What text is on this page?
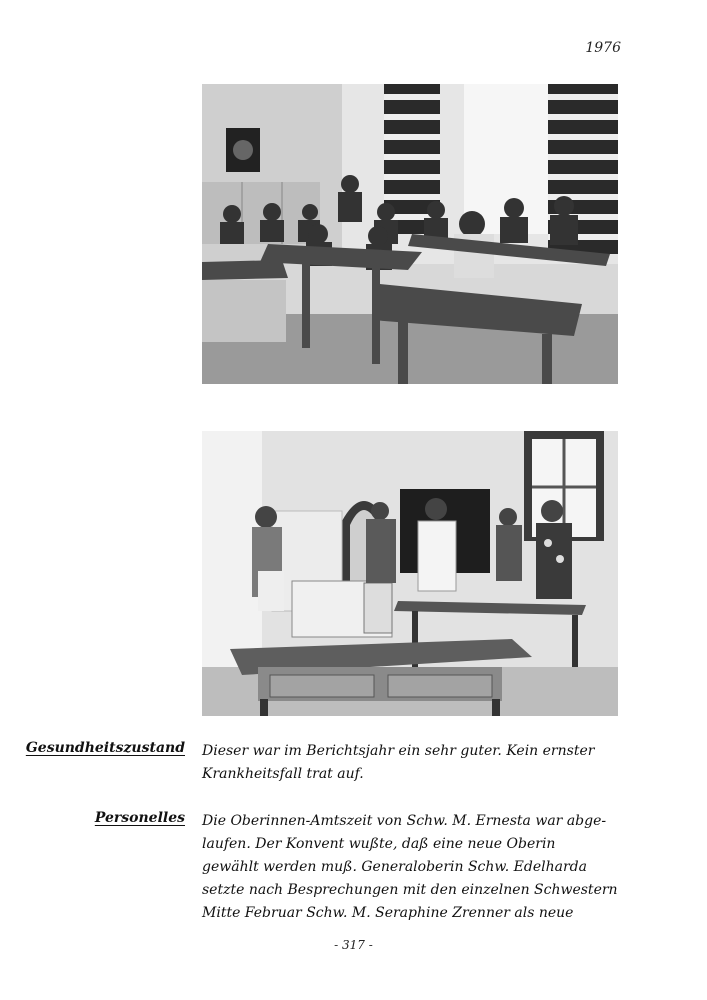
1976
Gesundheitszustand Dieser war im Berichtsjahr ein sehr guter. Kein ernster
Krankheitsfall trat auf.

Personelles Die Oberinnen-Amtszeit von Schw. M. Ernesta war abge-
laufen. Der Konvent wußte, daß eine neue Oberin
gewählt werden muß. Generaloberin Schw. Edelharda
setzte nach Besprechungen mit den einzelnen Schwestern
Mitte Februar Schw. M. Seraphine Zrenner als neue

- 317 -
